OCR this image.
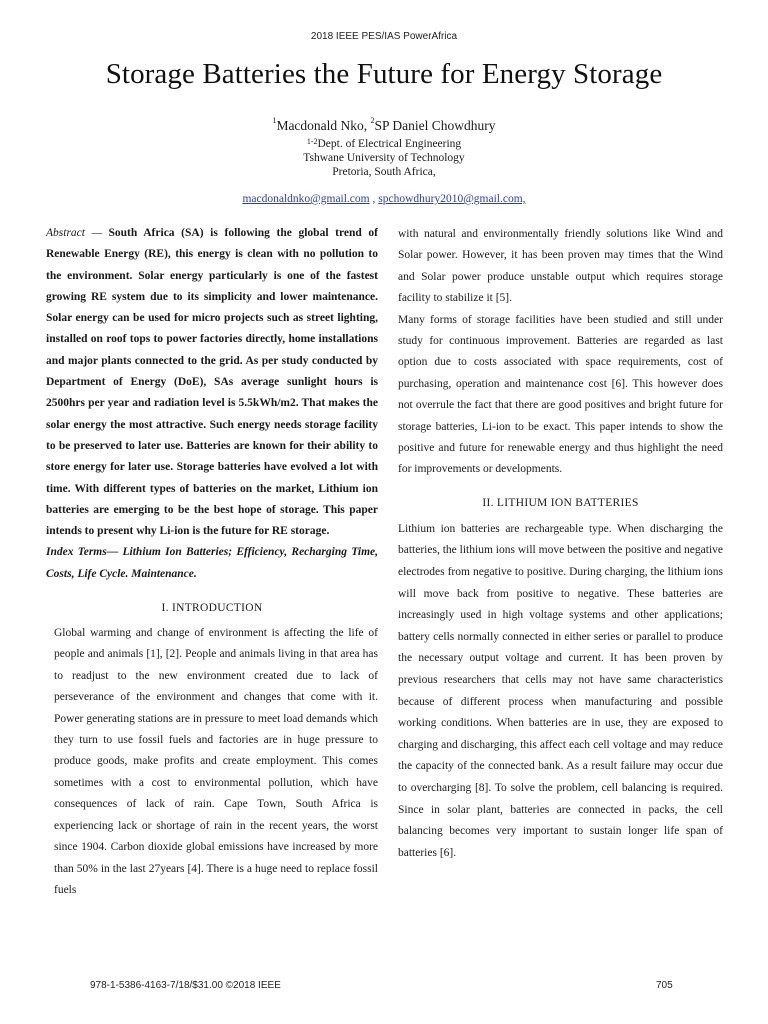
2018 IEEE PES/IAS PowerAfrica
Storage Batteries the Future for Energy Storage
$^1$Macdonald Nko, $^2$SP Daniel Chowdhury
$^{1-2}$Dept. of Electrical Engineering
Tshwane University of Technology
Pretoria, South Africa,
macdonaldnko@gmail.com , spchowdhury2010@gmail.com,

Abstract — South Africa (SA) is following the global trend of Renewable Energy (RE), this energy is clean with no pollution to the environment. Solar energy particularly is one of the fastest growing RE system due to its simplicity and lower maintenance. Solar energy can be used for micro projects such as street lighting, installed on roof tops to power factories directly, home installations and major plants connected to the grid. As per study conducted by Department of Energy (DoE), SAs average sunlight hours is 2500hrs per year and radiation level is 5.5kWh/m2. That makes the solar energy the most attractive. Such energy needs storage facility to be preserved to later use. Batteries are known for their ability to store energy for later use. Storage batteries have evolved a lot with time. With different types of batteries on the market, Lithium ion batteries are emerging to be the best hope of storage. This paper intends to present why Li-ion is the future for RE storage.

Index Terms— Lithium Ion Batteries; Efficiency, Recharging Time, Costs, Life Cycle. Maintenance.

I. INTRODUCTION

Global warming and change of environment is affecting the life of people and animals [1], [2]. People and animals living in that area has to readjust to the new environment created due to lack of perseverance of the environment and changes that come with it. Power generating stations are in pressure to meet load demands which they turn to use fossil fuels and factories are in huge pressure to produce goods, make profits and create employment. This comes sometimes with a cost to environmental pollution, which have consequences of lack of rain. Cape Town, South Africa is experiencing lack or shortage of rain in the recent years, the worst since 1904. Carbon dioxide global emissions have increased by more than 50% in the last 27years [4]. There is a huge need to replace fossil fuels

with natural and environmentally friendly solutions like Wind and Solar power. However, it has been proven may times that the Wind and Solar power produce unstable output which requires storage facility to stabilize it [5].

Many forms of storage facilities have been studied and still under study for continuous improvement. Batteries are regarded as last option due to costs associated with space requirements, cost of purchasing, operation and maintenance cost [6]. This however does not overrule the fact that there are good positives and bright future for storage batteries, Li-ion to be exact. This paper intends to show the positive and future for renewable energy and thus highlight the need for improvements or developments.

II. LITHIUM ION BATTERIES

Lithium ion batteries are rechargeable type. When discharging the batteries, the lithium ions will move between the positive and negative electrodes from negative to positive. During charging, the lithium ions will move back from positive to negative. These batteries are increasingly used in high voltage systems and other applications; battery cells normally connected in either series or parallel to produce the necessary output voltage and current. It has been proven by previous researchers that cells may not have same characteristics because of different process when manufacturing and possible working conditions. When batteries are in use, they are exposed to charging and discharging, this affect each cell voltage and may reduce the capacity of the connected bank. As a result failure may occur due to overcharging [8]. To solve the problem, cell balancing is required. Since in solar plant, batteries are connected in packs, the cell balancing becomes very important to sustain longer life span of batteries [6].

978-1-5386-4163-7/18/$31.00 ©2018 IEEE	705
